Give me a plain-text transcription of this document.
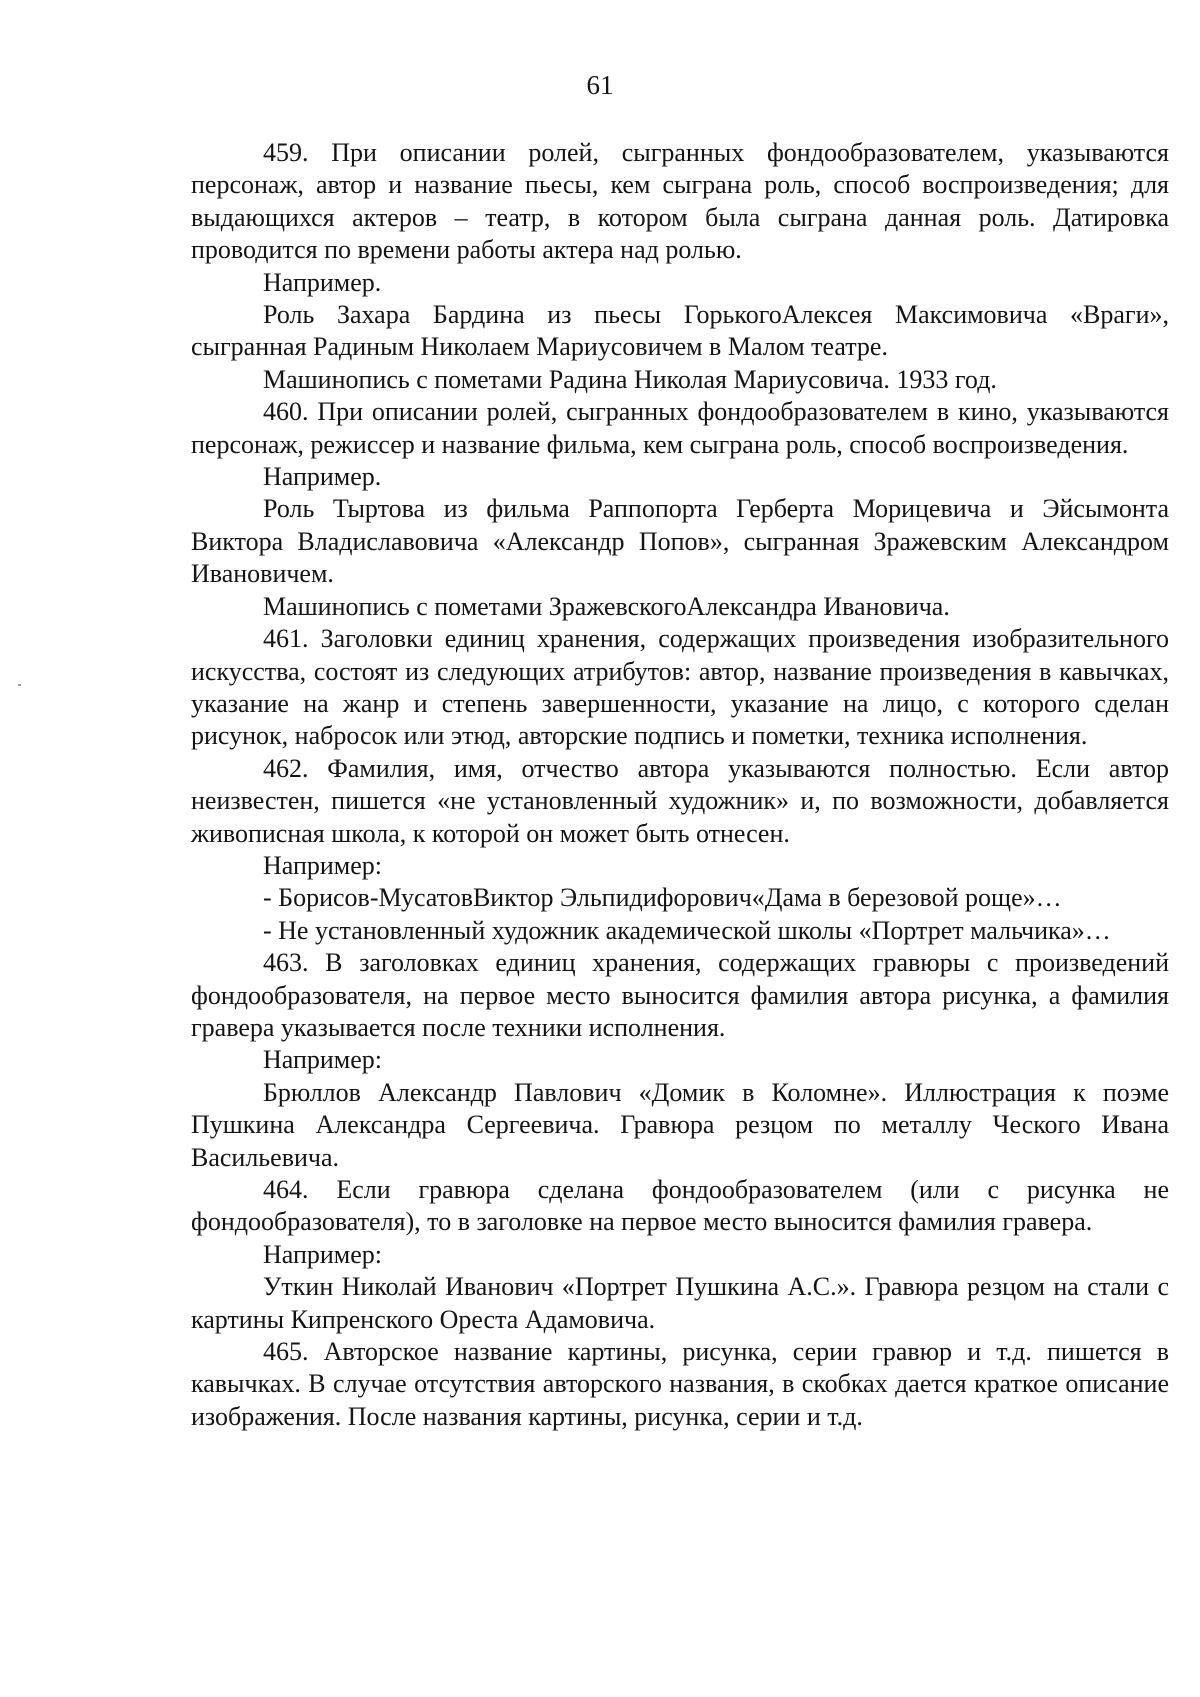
61

459. При описании ролей, сыгранных фондообразователем, указываются персонаж, автор и название пьесы, кем сыграна роль, способ воспроизведения; для выдающихся актеров – театр, в котором была сыграна данная роль. Датировка проводится по времени работы актера над ролью.

Например.

Роль Захара Бардина из пьесы ГорькогоАлексея Максимовича «Враги», сыгранная Радиным Николаем Мариусовичем в Малом театре.

Машинопись с пометами Радина Николая Мариусовича. 1933 год.

460. При описании ролей, сыгранных фондообразователем в кино, указываются персонаж, режиссер и название фильма, кем сыграна роль, способ воспроизведения.

Например.

Роль Тыртова из фильма Раппопорта Герберта Морицевича и Эйсымонта Виктора Владиславовича «Александр Попов», сыгранная Зражевским Александром Ивановичем.

Машинопись с пометами ЗражевскогоАлександра Ивановича.

461. Заголовки единиц хранения, содержащих произведения изобразительного искусства, состоят из следующих атрибутов: автор, название произведения в кавычках, указание на жанр и степень завершенности, указание на лицо, с которого сделан рисунок, набросок или этюд, авторские подпись и пометки, техника исполнения.

462. Фамилия, имя, отчество автора указываются полностью. Если автор неизвестен, пишется «не установленный художник» и, по возможности, добавляется живописная школа, к которой он может быть отнесен.

Например:

- Борисов-МусатовВиктор Эльпидифорович«Дама в березовой роще»…

- Не установленный художник академической школы «Портрет мальчика»…

463. В заголовках единиц хранения, содержащих гравюры с произведений фондообразователя, на первое место выносится фамилия автора рисунка, а фамилия гравера указывается после техники исполнения.

Например:

Брюллов Александр Павлович «Домик в Коломне». Иллюстрация к поэме Пушкина Александра Сергеевича. Гравюра резцом по металлу Ческого Ивана Васильевича.

464. Если гравюра сделана фондообразователем (или с рисунка не фондообразователя), то в заголовке на первое место выносится фамилия гравера.

Например:

Уткин Николай Иванович «Портрет Пушкина А.С.». Гравюра резцом на стали с картины Кипренского Ореста Адамовича.

465. Авторское название картины, рисунка, серии гравюр и т.д. пишется в кавычках. В случае отсутствия авторского названия, в скобках дается краткое описание изображения. После названия картины, рисунка, серии и т.д.
